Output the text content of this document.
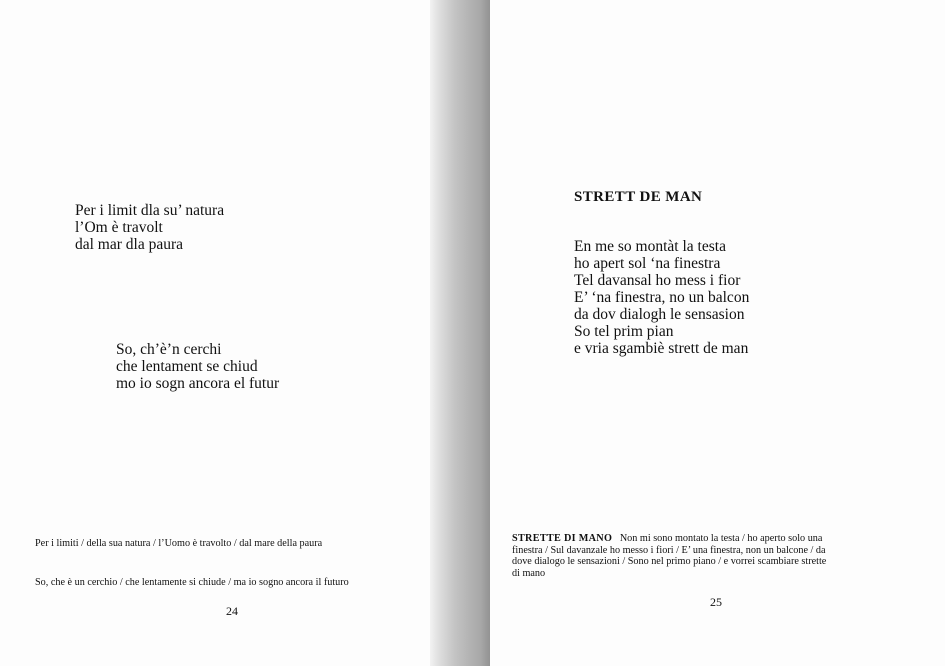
Per i limit dla su’ natura
l’Om è travolt
dal mar dla paura
So, ch’è’n cerchi
che lentament se chiud
mo io sogn ancora el futur
Per i limiti / della sua natura / l’Uomo è travolto / dal mare della paura
So, che è un cerchio / che lentamente si chiude / ma io sogno ancora il futuro
24
STRETT DE MAN
En me so montàt la testa
ho apert sol ‘na finestra
Tel davansal ho mess i fior
E’ ‘na finestra, no un balcon
da dov dialogh le sensasion
So tel prim pian
e vria sgambiè strett de man
STRETTE DI MANO Non mi sono montato la testa / ho aperto solo una
finestra / Sul davanzale ho messo i fiori / E’ una finestra, non un balcone / da
dove dialogo le sensazioni / Sono nel primo piano / e vorrei scambiare strette
di mano
25
